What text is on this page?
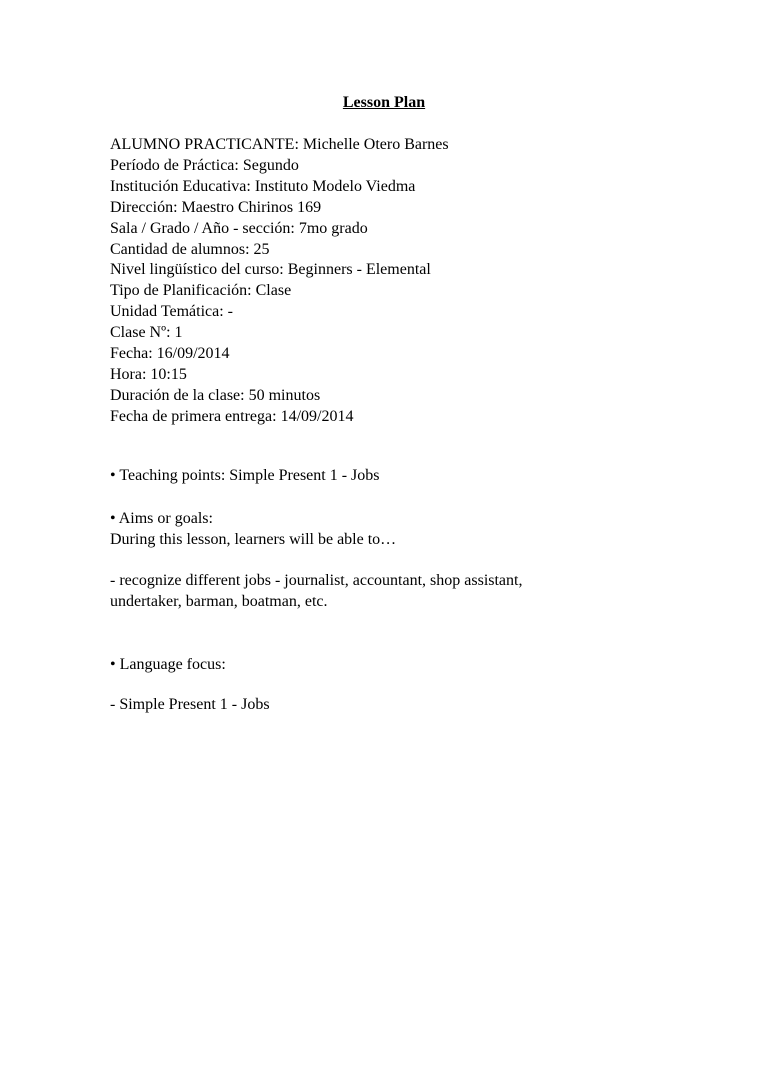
Lesson Plan
ALUMNO PRACTICANTE: Michelle Otero Barnes
Período de Práctica: Segundo
Institución Educativa: Instituto Modelo Viedma
Dirección: Maestro Chirinos 169
Sala / Grado / Año - sección: 7mo grado
Cantidad de alumnos: 25
Nivel lingüístico del curso: Beginners - Elemental
Tipo de Planificación: Clase
Unidad Temática: -
Clase Nº: 1
Fecha: 16/09/2014
Hora: 10:15
Duración de la clase: 50 minutos
Fecha de primera entrega: 14/09/2014
• Teaching points: Simple Present 1 - Jobs
• Aims or goals:
During this lesson, learners will be able to…
- recognize different jobs - journalist, accountant, shop assistant,
undertaker, barman, boatman, etc.
• Language focus:
- Simple Present 1 - Jobs
